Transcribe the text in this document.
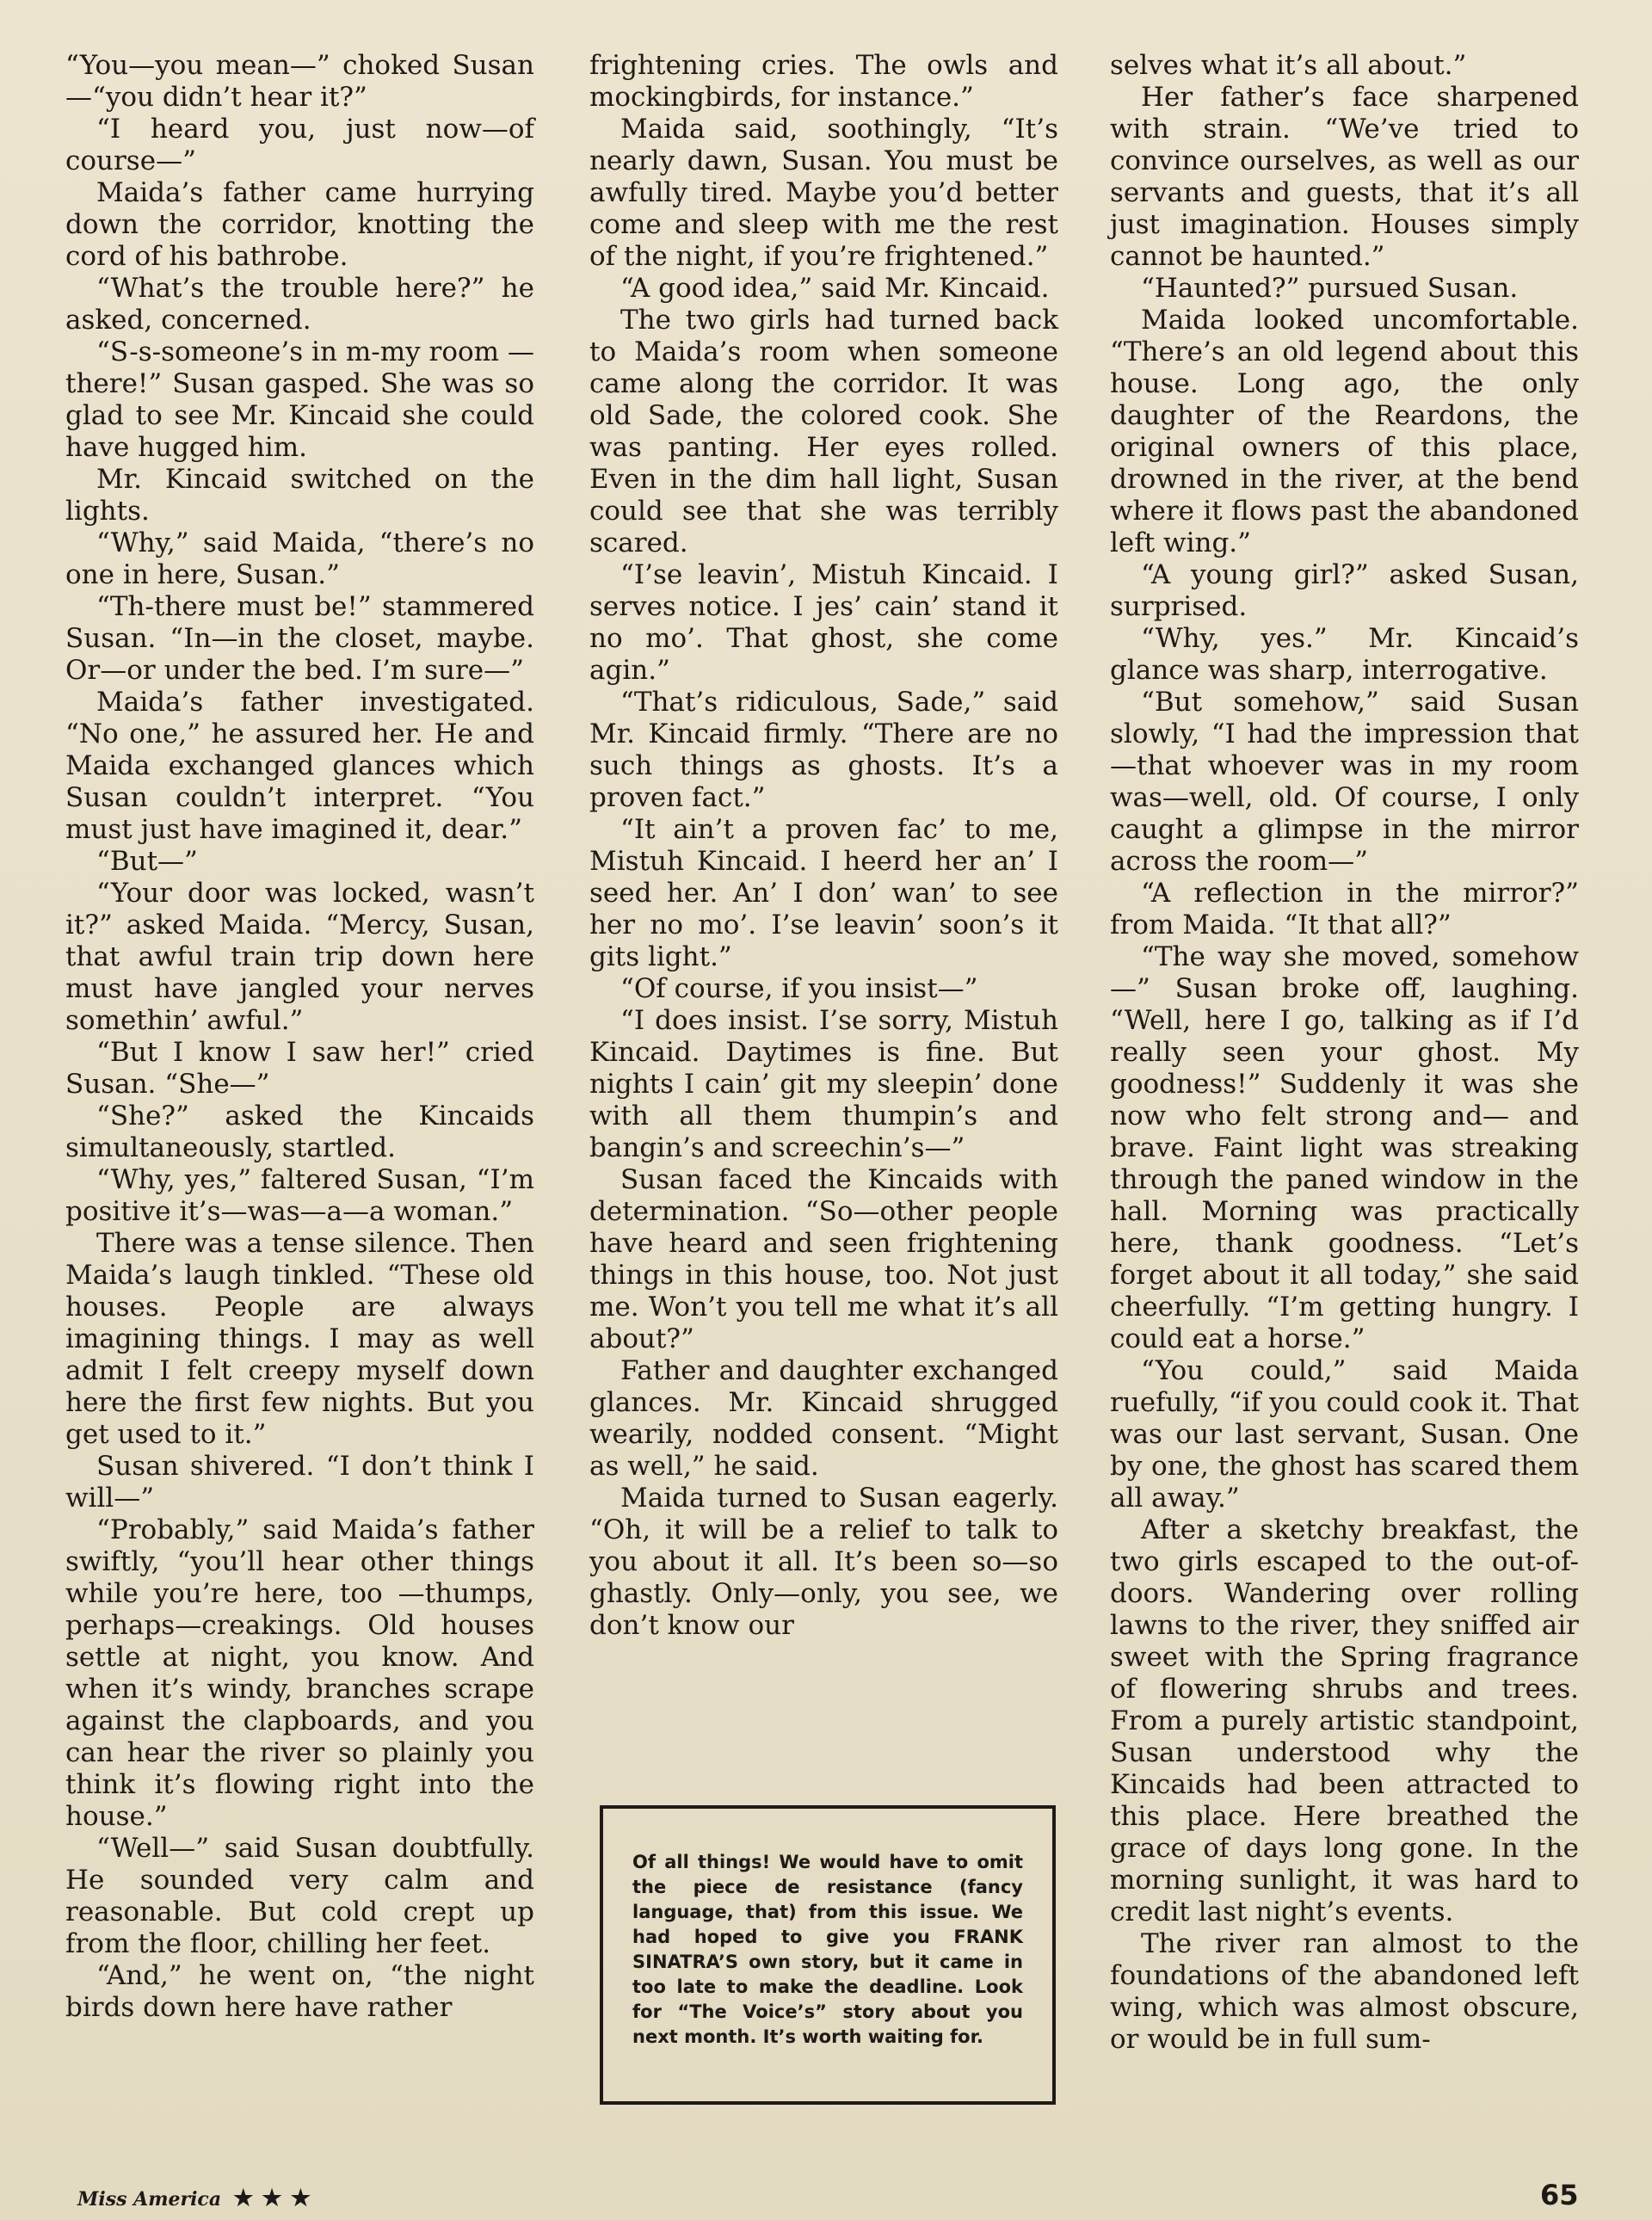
“You—you mean—” choked Susan—“you didn’t hear it?”

“I heard you, just now—of course—”

Maida’s father came hurrying down the corridor, knotting the cord of his bathrobe.

“What’s the trouble here?” he asked, concerned.

“S-s-someone’s in m-my room —there!” Susan gasped. She was so glad to see Mr. Kincaid she could have hugged him.

Mr. Kincaid switched on the lights.

“Why,” said Maida, “there’s no one in here, Susan.”

“Th-there must be!” stammered Susan. “In—in the closet, maybe. Or—or under the bed. I’m sure—”

Maida’s father investigated. “No one,” he assured her. He and Maida exchanged glances which Susan couldn’t interpret. “You must just have imagined it, dear.”

“But—”

“Your door was locked, wasn’t it?” asked Maida. “Mercy, Susan, that awful train trip down here must have jangled your nerves somethin’ awful.”

“But I know I saw her!” cried Susan. “She—”

“She?” asked the Kincaids simultaneously, startled.

“Why, yes,” faltered Susan, “I’m positive it’s—was—a—a woman.”

There was a tense silence. Then Maida’s laugh tinkled. “These old houses. People are always imagining things. I may as well admit I felt creepy myself down here the first few nights. But you get used to it.”

Susan shivered. “I don’t think I will—”

“Probably,” said Maida’s father swiftly, “you’ll hear other things while you’re here, too —thumps, perhaps—creakings. Old houses settle at night, you know. And when it’s windy, branches scrape against the clapboards, and you can hear the river so plainly you think it’s flowing right into the house.”

“Well—” said Susan doubtfully. He sounded very calm and reasonable. But cold crept up from the floor, chilling her feet.

“And,” he went on, “the night birds down here have rather

frightening cries. The owls and mockingbirds, for instance.”

Maida said, soothingly, “It’s nearly dawn, Susan. You must be awfully tired. Maybe you’d better come and sleep with me the rest of the night, if you’re frightened.”

“A good idea,” said Mr. Kincaid.

The two girls had turned back to Maida’s room when someone came along the corridor. It was old Sade, the colored cook. She was panting. Her eyes rolled. Even in the dim hall light, Susan could see that she was terribly scared.

“I’se leavin’, Mistuh Kincaid. I serves notice. I jes’ cain’ stand it no mo’. That ghost, she come agin.”

“That’s ridiculous, Sade,” said Mr. Kincaid firmly. “There are no such things as ghosts. It’s a proven fact.”

“It ain’t a proven fac’ to me, Mistuh Kincaid. I heerd her an’ I seed her. An’ I don’ wan’ to see her no mo’. I’se leavin’ soon’s it gits light.”

“Of course, if you insist—”

“I does insist. I’se sorry, Mistuh Kincaid. Daytimes is fine. But nights I cain’ git my sleepin’ done with all them thumpin’s and bangin’s and screechin’s—”

Susan faced the Kincaids with determination. “So—other people have heard and seen frightening things in this house, too. Not just me. Won’t you tell me what it’s all about?”

Father and daughter exchanged glances. Mr. Kincaid shrugged wearily, nodded consent. “Might as well,” he said.

Maida turned to Susan eagerly. “Oh, it will be a relief to talk to you about it all. It’s been so—so ghastly. Only—only, you see, we don’t know our

Of all things! We would have to omit the piece de resistance (fancy language, that) from this issue. We had hoped to give you FRANK SINATRA’S own story, but it came in too late to make the deadline. Look for “The Voice’s” story about you next month. It’s worth waiting for.

selves what it’s all about.”

Her father’s face sharpened with strain. “We’ve tried to convince ourselves, as well as our servants and guests, that it’s all just imagination. Houses simply cannot be haunted.”

“Haunted?” pursued Susan.

Maida looked uncomfortable. “There’s an old legend about this house. Long ago, the only daughter of the Reardons, the original owners of this place, drowned in the river, at the bend where it flows past the abandoned left wing.”

“A young girl?” asked Susan, surprised.

“Why, yes.” Mr. Kincaid’s glance was sharp, interrogative.

“But somehow,” said Susan slowly, “I had the impression that—that whoever was in my room was—well, old. Of course, I only caught a glimpse in the mirror across the room—”

“A reflection in the mirror?” from Maida. “It that all?”

“The way she moved, somehow—” Susan broke off, laughing. “Well, here I go, talking as if I’d really seen your ghost. My goodness!” Suddenly it was she now who felt strong and— and brave. Faint light was streaking through the paned window in the hall. Morning was practically here, thank goodness. “Let’s forget about it all today,” she said cheerfully. “I’m getting hungry. I could eat a horse.”

“You could,” said Maida ruefully, “if you could cook it. That was our last servant, Susan. One by one, the ghost has scared them all away.”

After a sketchy breakfast, the two girls escaped to the out-of-doors. Wandering over rolling lawns to the river, they sniffed air sweet with the Spring fragrance of flowering shrubs and trees. From a purely artistic standpoint, Susan understood why the Kincaids had been attracted to this place. Here breathed the grace of days long gone. In the morning sunlight, it was hard to credit last night’s events.

The river ran almost to the foundations of the abandoned left wing, which was almost obscure, or would be in full sum-

Miss America ★★★	65
